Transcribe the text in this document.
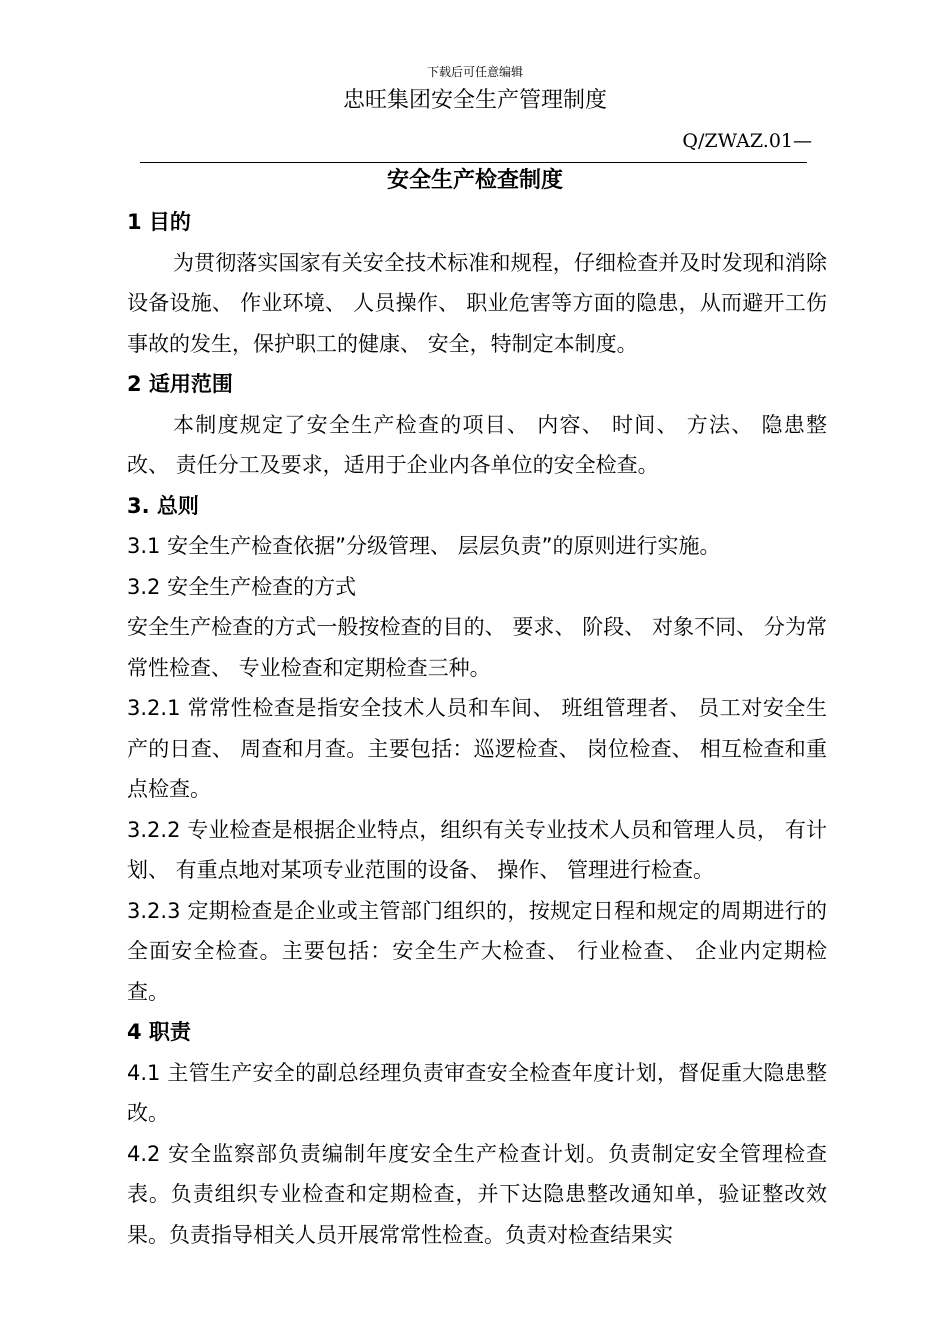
下载后可任意编辑
忠旺集团安全生产管理制度
Q/ZWAZ.01—
安全生产检查制度

1 目的

为贯彻落实国家有关安全技术标准和规程，仔细检查并及时发现和消除设备设施、 作业环境、 人员操作、 职业危害等方面的隐患，从而避开工伤事故的发生，保护职工的健康、 安全，特制定本制度。

2 适用范围

本制度规定了安全生产检查的项目、 内容、 时间、 方法、 隐患整改、 责任分工及要求，适用于企业内各单位的安全检查。

3. 总则

3.1 安全生产检查依据”分级管理、 层层负责”的原则进行实施。

3.2 安全生产检查的方式

安全生产检查的方式一般按检查的目的、 要求、 阶段、 对象不同、 分为常常性检查、 专业检查和定期检查三种。

3.2.1 常常性检查是指安全技术人员和车间、 班组管理者、 员工对安全生产的日查、 周查和月查。主要包括：巡逻检查、 岗位检查、 相互检查和重点检查。

3.2.2 专业检查是根据企业特点，组织有关专业技术人员和管理人员， 有计划、 有重点地对某项专业范围的设备、 操作、 管理进行检查。

3.2.3 定期检查是企业或主管部门组织的，按规定日程和规定的周期进行的全面安全检查。主要包括：安全生产大检查、 行业检查、 企业内定期检查。

4 职责

4.1 主管生产安全的副总经理负责审查安全检查年度计划，督促重大隐患整改。

4.2 安全监察部负责编制年度安全生产检查计划。负责制定安全管理检查表。负责组织专业检查和定期检查，并下达隐患整改通知单，验证整改效果。负责指导相关人员开展常常性检查。负责对检查结果实
